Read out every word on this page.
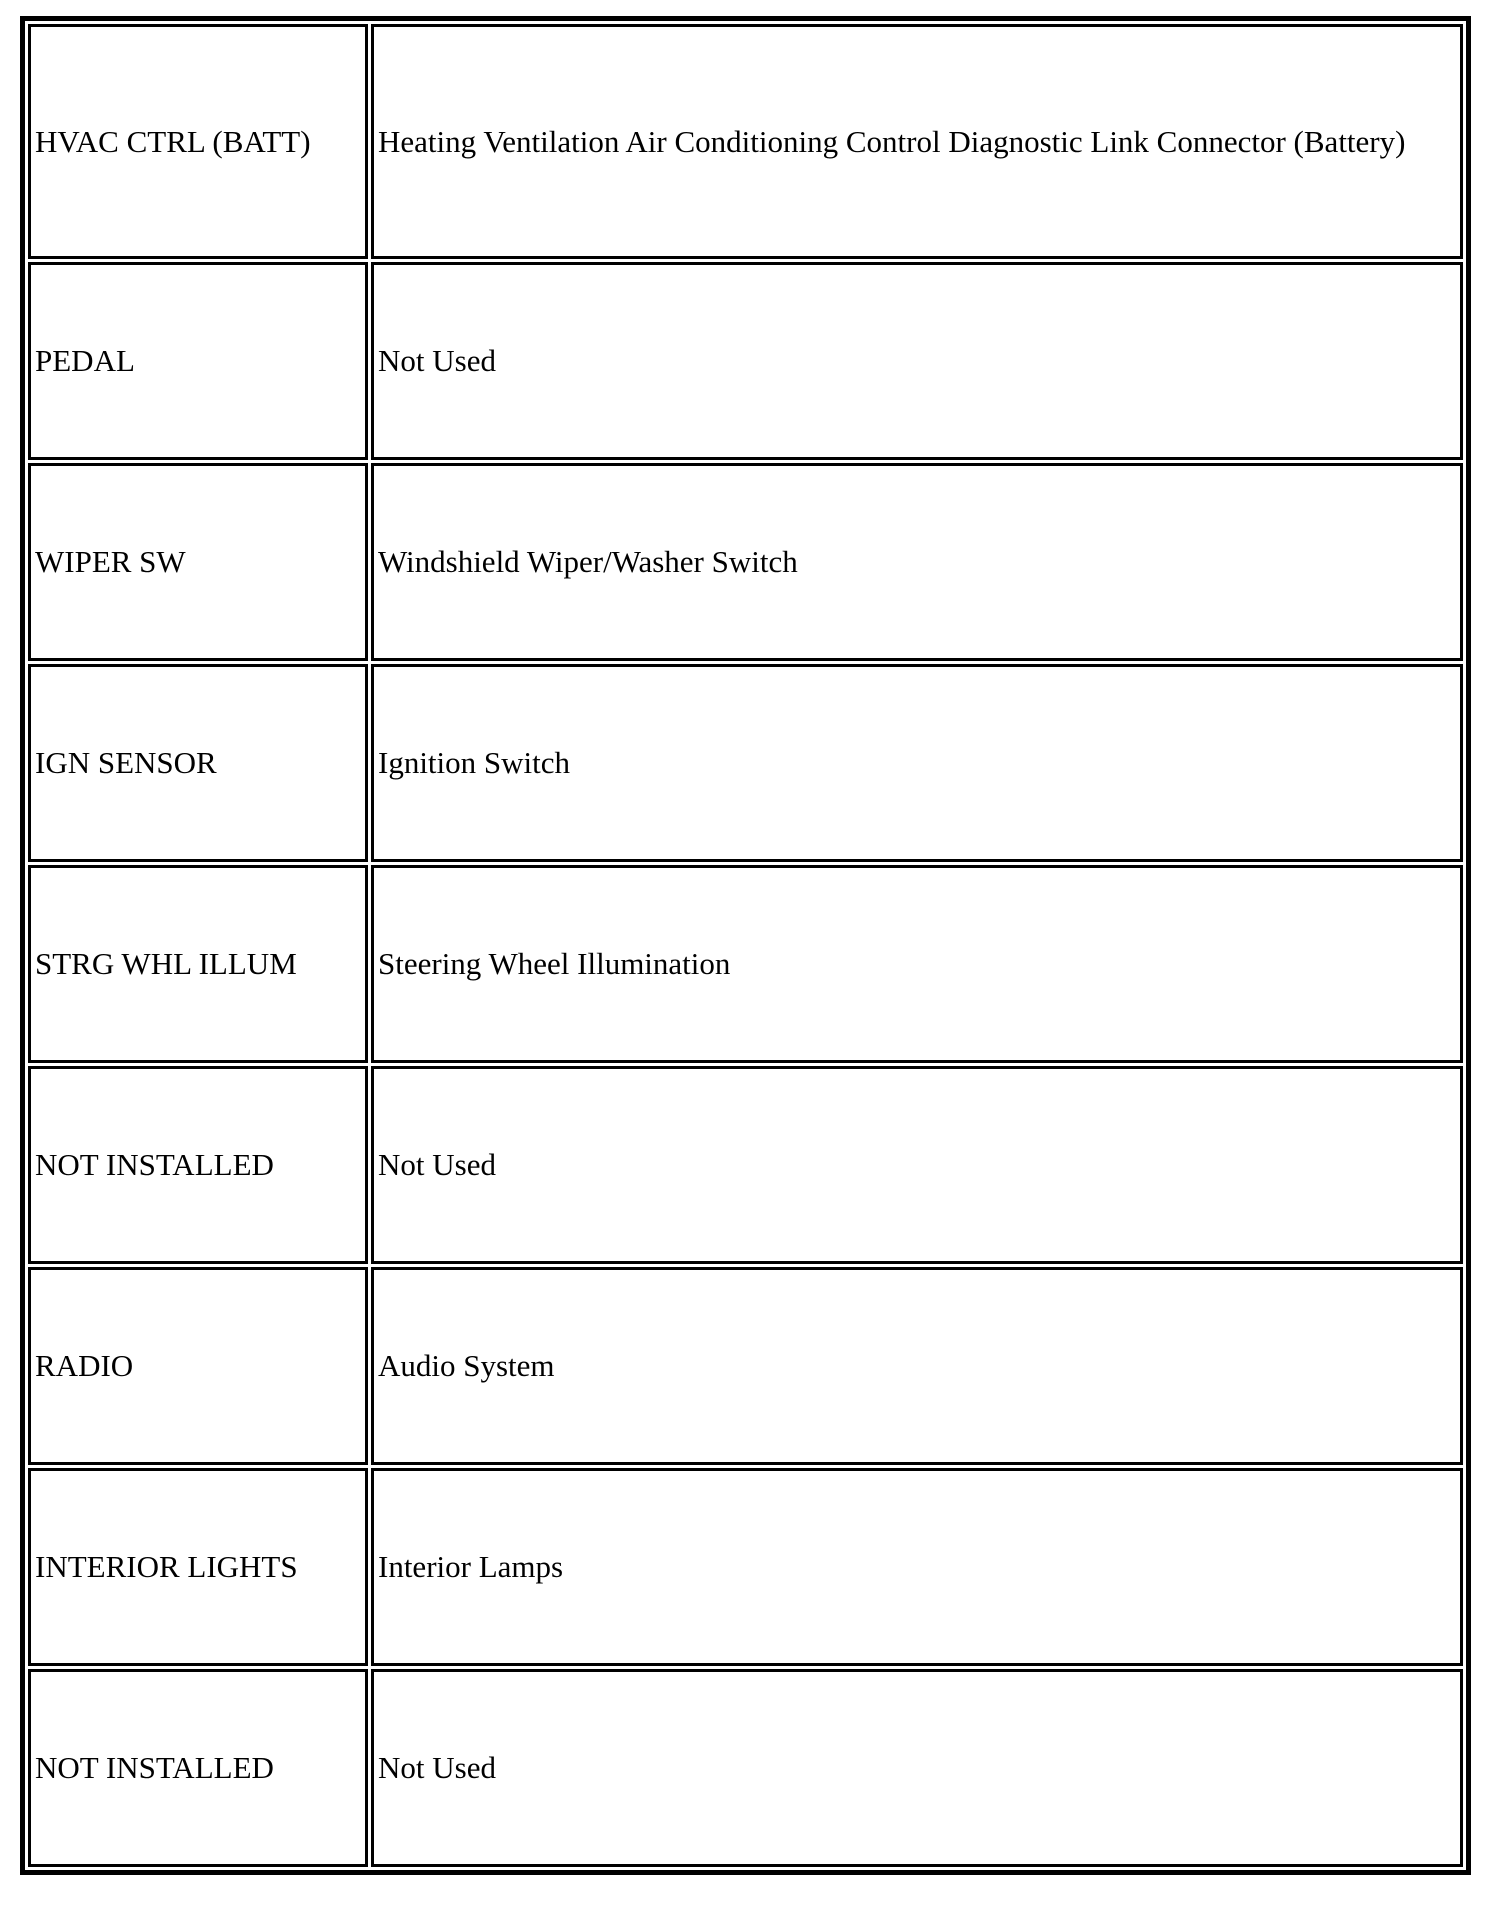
HVAC CTRL (BATT)	Heating Ventilation Air Conditioning Control Diagnostic Link Connector (Battery)
PEDAL	Not Used
WIPER SW	Windshield Wiper/Washer Switch
IGN SENSOR	Ignition Switch
STRG WHL ILLUM	Steering Wheel Illumination
NOT INSTALLED	Not Used
RADIO	Audio System
INTERIOR LIGHTS	Interior Lamps
NOT INSTALLED	Not Used
